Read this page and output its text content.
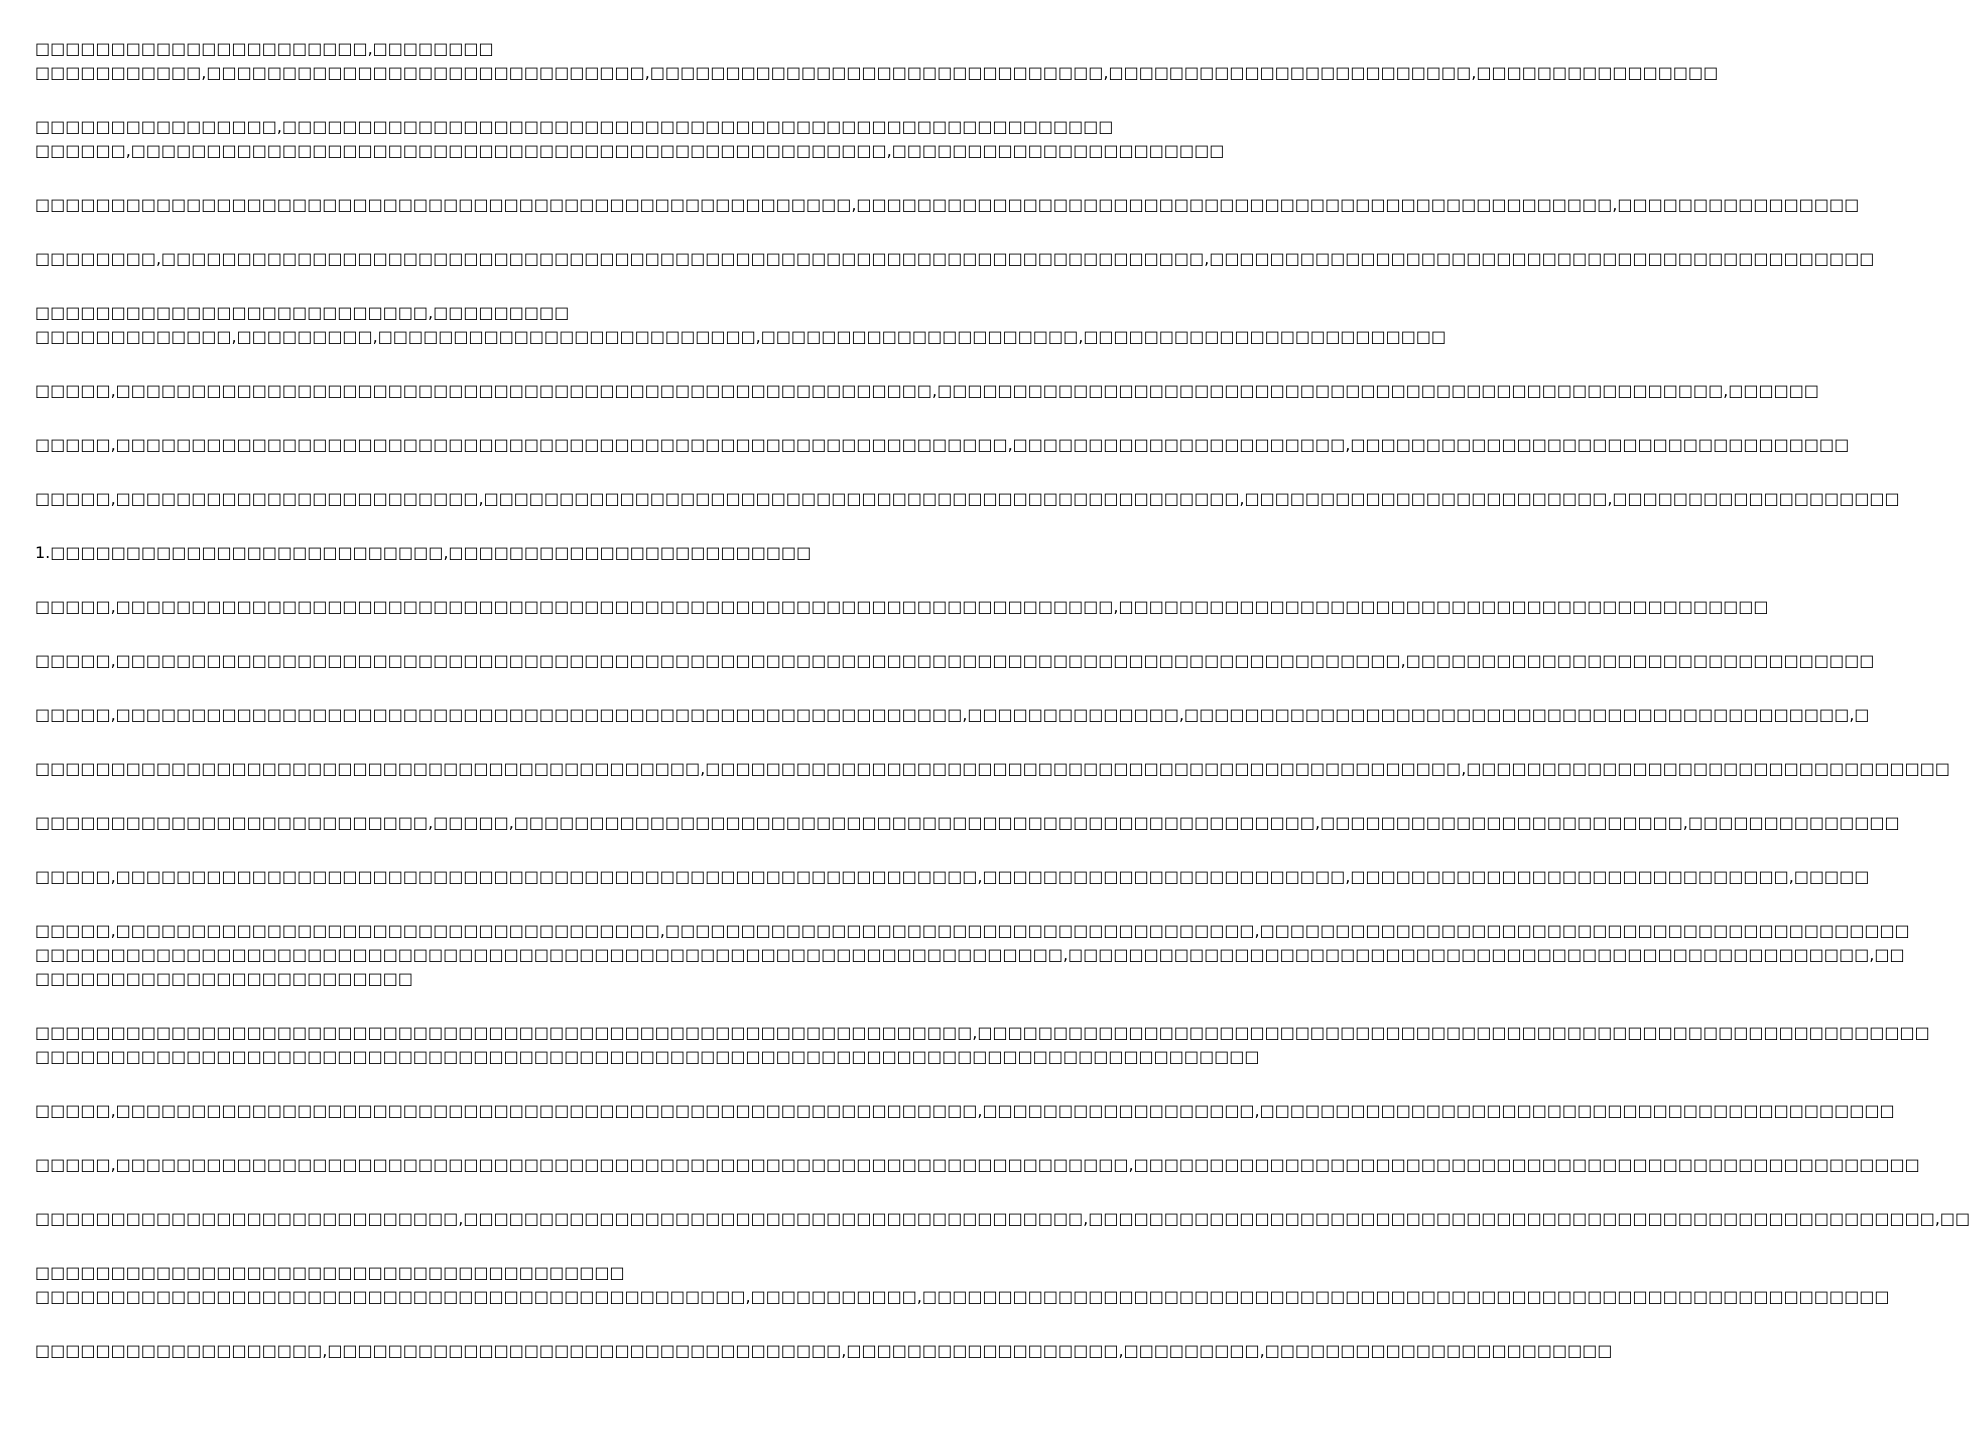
□□□□□□□□□□□□□□□□□□□□□□,□□□□□□□□
□□□□□□□□□□□,□□□□□□□□□□□□□□□□□□□□□□□□□□□□□,□□□□□□□□□□□□□□□□□□□□□□□□□□□□□□,□□□□□□□□□□□□□□□□□□□□□□□□,□□□□□□□□□□□□□□□□
□□□□□□□□□□□□□□□□,□□□□□□□□□□□□□□□□□□□□□□□□□□□□□□□□□□□□□□□□□□□□□□□□□□□□□□□
□□□□□□,□□□□□□□□□□□□□□□□□□□□□□□□□□□□□□□□□□□□□□□□□□□□□□□□□□,□□□□□□□□□□□□□□□□□□□□□□
□□□□□□□□□□□□□□□□□□□□□□□□□□□□□□□□□□□□□□□□□□□□□□□□□□□□□□,□□□□□□□□□□□□□□□□□□□□□□□□□□□□□□□□□□□□□□□□□□□□□□□□□□,□□□□□□□□□□□□□□□□
□□□□□□□□,□□□□□□□□□□□□□□□□□□□□□□□□□□□□□□□□□□□□□□□□□□□□□□□□□□□□□□□□□□□□□□□□□□□□□,□□□□□□□□□□□□□□□□□□□□□□□□□□□□□□□□□□□□□□□□□□□□
□□□□□□□□□□□□□□□□□□□□□□□□□□,□□□□□□□□□
□□□□□□□□□□□□□,□□□□□□□□□,□□□□□□□□□□□□□□□□□□□□□□□□□,□□□□□□□□□□□□□□□□□□□□□,□□□□□□□□□□□□□□□□□□□□□□□□
□□□□□,□□□□□□□□□□□□□□□□□□□□□□□□□□□□□□□□□□□□□□□□□□□□□□□□□□□□□□,□□□□□□□□□□□□□□□□□□□□□□□□□□□□□□□□□□□□□□□□□□□□□□□□□□□□,□□□□□□
□□□□□,□□□□□□□□□□□□□□□□□□□□□□□□□□□□□□□□□□□□□□□□□□□□□□□□□□□□□□□□□□□,□□□□□□□□□□□□□□□□□□□□□□,□□□□□□□□□□□□□□□□□□□□□□□□□□□□□□□□□
□□□□□,□□□□□□□□□□□□□□□□□□□□□□□□,□□□□□□□□□□□□□□□□□□□□□□□□□□□□□□□□□□□□□□□□□□□□□□□□□□,□□□□□□□□□□□□□□□□□□□□□□□□,□□□□□□□□□□□□□□□□□□□
1.□□□□□□□□□□□□□□□□□□□□□□□□□□,□□□□□□□□□□□□□□□□□□□□□□□□
□□□□□,□□□□□□□□□□□□□□□□□□□□□□□□□□□□□□□□□□□□□□□□□□□□□□□□□□□□□□□□□□□□□□□□□□,□□□□□□□□□□□□□□□□□□□□□□□□□□□□□□□□□□□□□□□□□□□
□□□□□,□□□□□□□□□□□□□□□□□□□□□□□□□□□□□□□□□□□□□□□□□□□□□□□□□□□□□□□□□□□□□□□□□□□□□□□□□□□□□□□□□□□□□,□□□□□□□□□□□□□□□□□□□□□□□□□□□□□□□
□□□□□,□□□□□□□□□□□□□□□□□□□□□□□□□□□□□□□□□□□□□□□□□□□□□□□□□□□□□□□□,□□□□□□□□□□□□□□,□□□□□□□□□□□□□□□□□□□□□□□□□□□□□□□□□□□□□□□□□□□□,□
□□□□□□□□□□□□□□□□□□□□□□□□□□□□□□□□□□□□□□□□□□□□,□□□□□□□□□□□□□□□□□□□□□□□□□□□□□□□□□□□□□□□□□□□□□□□□□□,□□□□□□□□□□□□□□□□□□□□□□□□□□□□□□□□
□□□□□□□□□□□□□□□□□□□□□□□□□□,□□□□□,□□□□□□□□□□□□□□□□□□□□□□□□□□□□□□□□□□□□□□□□□□□□□□□□□□□□□,□□□□□□□□□□□□□□□□□□□□□□□□,□□□□□□□□□□□□□□
□□□□□,□□□□□□□□□□□□□□□□□□□□□□□□□□□□□□□□□□□□□□□□□□□□□□□□□□□□□□□□□,□□□□□□□□□□□□□□□□□□□□□□□□,□□□□□□□□□□□□□□□□□□□□□□□□□□□□□,□□□□□
□□□□□,□□□□□□□□□□□□□□□□□□□□□□□□□□□□□□□□□□□□,□□□□□□□□□□□□□□□□□□□□□□□□□□□□□□□□□□□□□□□,□□□□□□□□□□□□□□□□□□□□□□□□□□□□□□□□□□□□□□□□□□□
□□□□□□□□□□□□□□□□□□□□□□□□□□□□□□□□□□□□□□□□□□□□□□□□□□□□□□□□□□□□□□□□□□□□,□□□□□□□□□□□□□□□□□□□□□□□□□□□□□□□□□□□□□□□□□□□□□□□□□□□□□,□□
□□□□□□□□□□□□□□□□□□□□□□□□□
□□□□□□□□□□□□□□□□□□□□□□□□□□□□□□□□□□□□□□□□□□□□□□□□□□□□□□□□□□□□□□,□□□□□□□□□□□□□□□□□□□□□□□□□□□□□□□□□□□□□□□□□□□□□□□□□□□□□□□□□□□□□□□
□□□□□□□□□□□□□□□□□□□□□□□□□□□□□□□□□□□□□□□□□□□□□□□□□□□□□□□□□□□□□□□□□□□□□□□□□□□□□□□□□
□□□□□,□□□□□□□□□□□□□□□□□□□□□□□□□□□□□□□□□□□□□□□□□□□□□□□□□□□□□□□□□,□□□□□□□□□□□□□□□□□□,□□□□□□□□□□□□□□□□□□□□□□□□□□□□□□□□□□□□□□□□□□
□□□□□,□□□□□□□□□□□□□□□□□□□□□□□□□□□□□□□□□□□□□□□□□□□□□□□□□□□□□□□□□□□□□□□□□□□,□□□□□□□□□□□□□□□□□□□□□□□□□□□□□□□□□□□□□□□□□□□□□□□□□□□□
□□□□□□□□□□□□□□□□□□□□□□□□□□□□,□□□□□□□□□□□□□□□□□□□□□□□□□□□□□□□□□□□□□□□□□,□□□□□□□□□□□□□□□□□□□□□□□□□□□□□□□□□□□□□□□□□□□□□□□□□□□□□□□□,□□
□□□□□□□□□□□□□□□□□□□□□□□□□□□□□□□□□□□□□□□
□□□□□□□□□□□□□□□□□□□□□□□□□□□□□□□□□□□□□□□□□□□□□□□,□□□□□□□□□□□,□□□□□□□□□□□□□□□□□□□□□□□□□□□□□□□□□□□□□□□□□□□□□□□□□□□□□□□□□□□□□□□□
□□□□□□□□□□□□□□□□□□□,□□□□□□□□□□□□□□□□□□□□□□□□□□□□□□□□□□,□□□□□□□□□□□□□□□□□□,□□□□□□□□□,□□□□□□□□□□□□□□□□□□□□□□□
